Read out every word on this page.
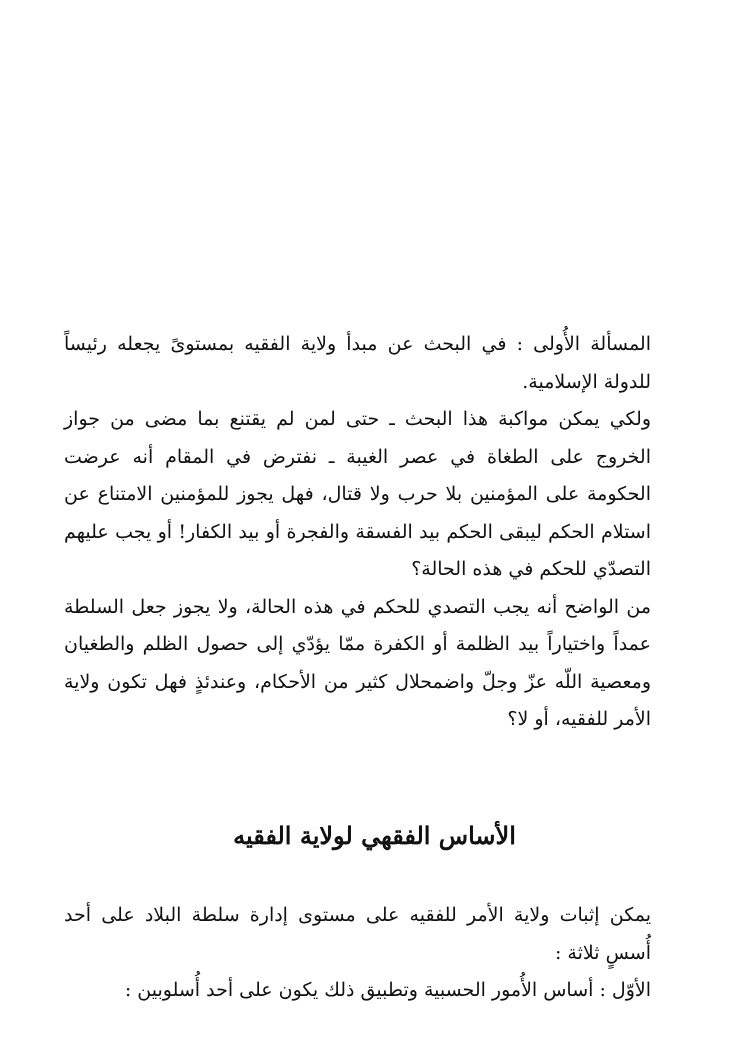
المسألة الأُولى : في البحث عن مبدأ ولاية الفقيه بمستوىً يجعله رئيساً للدولة الإسلامية.

ولكي يمكن مواكبة هذا البحث ـ حتى لمن لم يقتنع بما مضى من جواز الخروج على الطغاة في عصر الغيبة ـ نفترض في المقام أنه عرضت الحكومة على المؤمنين بلا حرب ولا قتال، فهل يجوز للمؤمنين الامتناع عن استلام الحكم ليبقى الحكم بيد الفسقة والفجرة أو بيد الكفار! أو يجب عليهم التصدّي للحكم في هذه الحالة؟

من الواضح أنه يجب التصدي للحكم في هذه الحالة، ولا يجوز جعل السلطة عمداً واختياراً بيد الظلمة أو الكفرة ممّا يؤدّي إلى حصول الظلم والطغيان ومعصية اللّه عزّ وجلّ واضمحلال كثير من الأحكام، وعندئذٍ فهل تكون ولاية الأمر للفقيه، أو لا؟

الأساس الفقهي لولاية الفقيه

يمكن إثبات ولاية الأمر للفقيه على مستوى إدارة سلطة البلاد على أحد أُسسٍ ثلاثة :

الأوّل : أساس الأُمور الحسبية وتطبيق ذلك يكون على أحد أُسلوبين :
